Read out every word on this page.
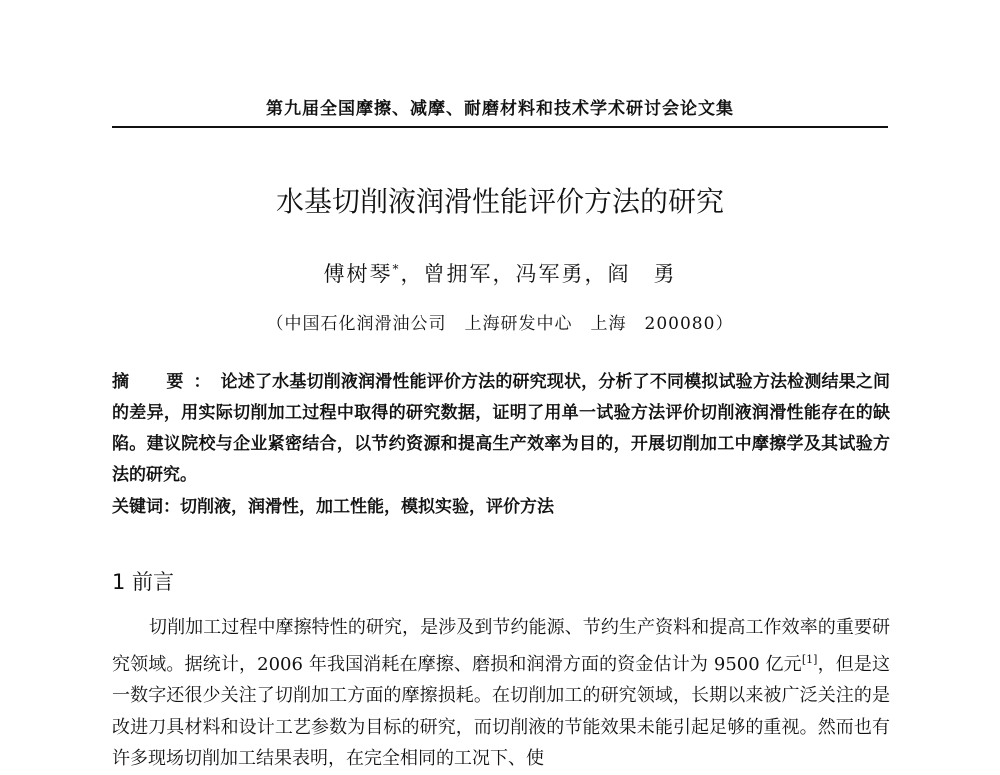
第九届全国摩擦、减摩、耐磨材料和技术学术研讨会论文集
水基切削液润滑性能评价方法的研究
傅树琴*，曾拥军，冯军勇，阎　勇
（中国石化润滑油公司　上海研发中心　上海　200080）
摘　要：论述了水基切削液润滑性能评价方法的研究现状，分析了不同模拟试验方法检测结果之间的差异，用实际切削加工过程中取得的研究数据，证明了用单一试验方法评价切削液润滑性能存在的缺陷。建议院校与企业紧密结合，以节约资源和提高生产效率为目的，开展切削加工中摩擦学及其试验方法的研究。
关键词：切削液，润滑性，加工性能，模拟实验，评价方法
1 前言
切削加工过程中摩擦特性的研究，是涉及到节约能源、节约生产资料和提高工作效率的重要研究领域。据统计，2006 年我国消耗在摩擦、磨损和润滑方面的资金估计为 9500 亿元[1]，但是这一数字还很少关注了切削加工方面的摩擦损耗。在切削加工的研究领域，长期以来被广泛关注的是改进刀具材料和设计工艺参数为目标的研究，而切削液的节能效果未能引起足够的重视。然而也有许多现场切削加工结果表明，在完全相同的工况下、使
